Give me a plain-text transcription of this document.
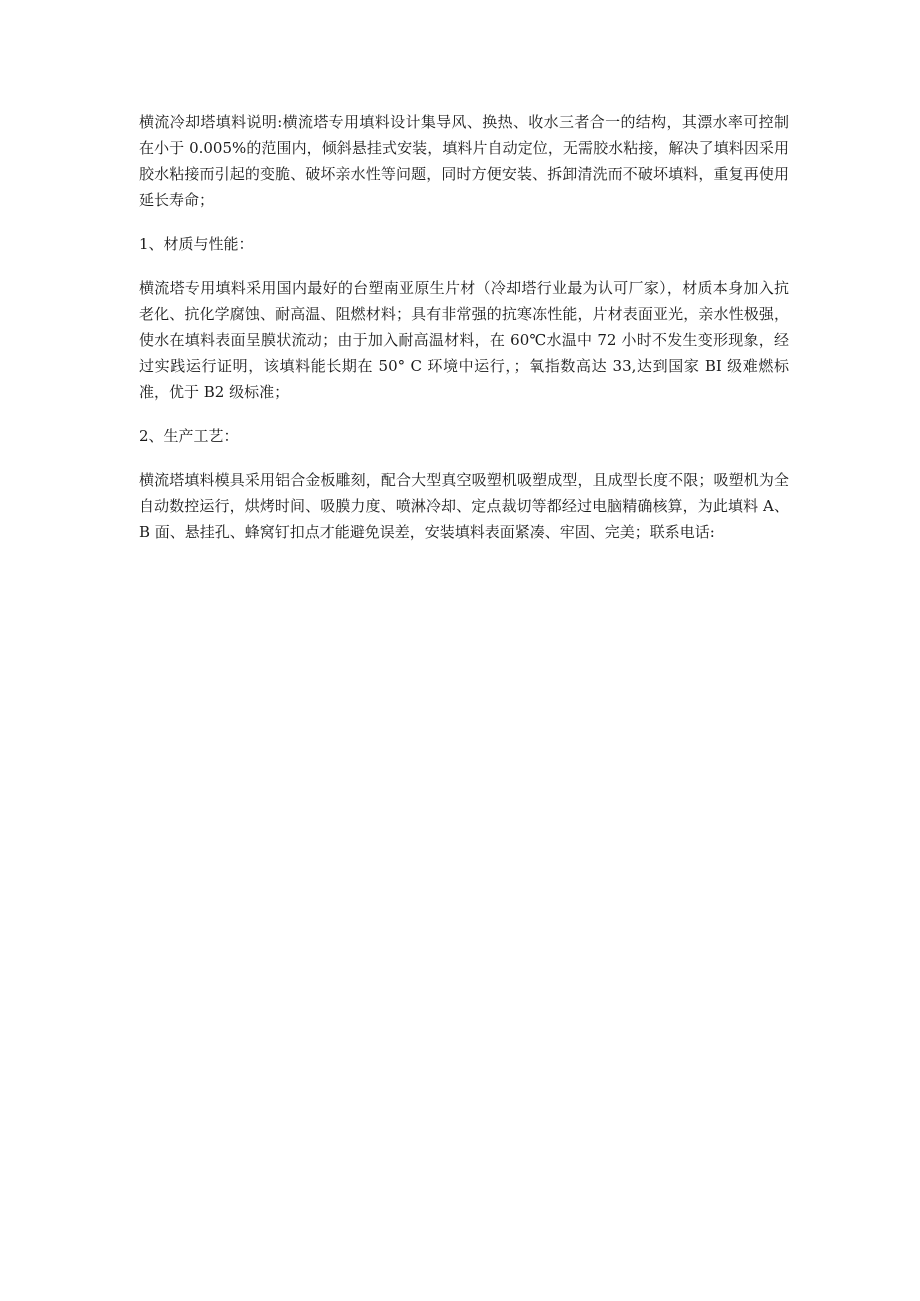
横流冷却塔填料说明:横流塔专用填料设计集导风、换热、收水三者合一的结构，其漂水率可控制在小于 0.005%的范围内，倾斜悬挂式安装，填料片自动定位，无需胶水粘接，解决了填料因采用胶水粘接而引起的变脆、破坏亲水性等问题，同时方便安装、拆卸清洗而不破坏填料，重复再使用延长寿命；

1、材质与性能：

横流塔专用填料采用国内最好的台塑南亚原生片材（冷却塔行业最为认可厂家），材质本身加入抗老化、抗化学腐蚀、耐高温、阻燃材料；具有非常强的抗寒冻性能，片材表面亚光，亲水性极强，使水在填料表面呈膜状流动；由于加入耐高温材料，在 60℃水温中 72 小时不发生变形现象，经过实践运行证明，该填料能长期在 50° C 环境中运行，；氧指数高达 33,达到国家 BI 级难燃标准，优于 B2 级标准；

2、生产工艺：

横流塔填料模具采用铝合金板雕刻，配合大型真空吸塑机吸塑成型，且成型长度不限；吸塑机为全自动数控运行，烘烤时间、吸膜力度、喷淋冷却、定点裁切等都经过电脑精确核算，为此填料 A、B 面、悬挂孔、蜂窝钉扣点才能避免误差，安装填料表面紧凑、牢固、完美；联系电话:
